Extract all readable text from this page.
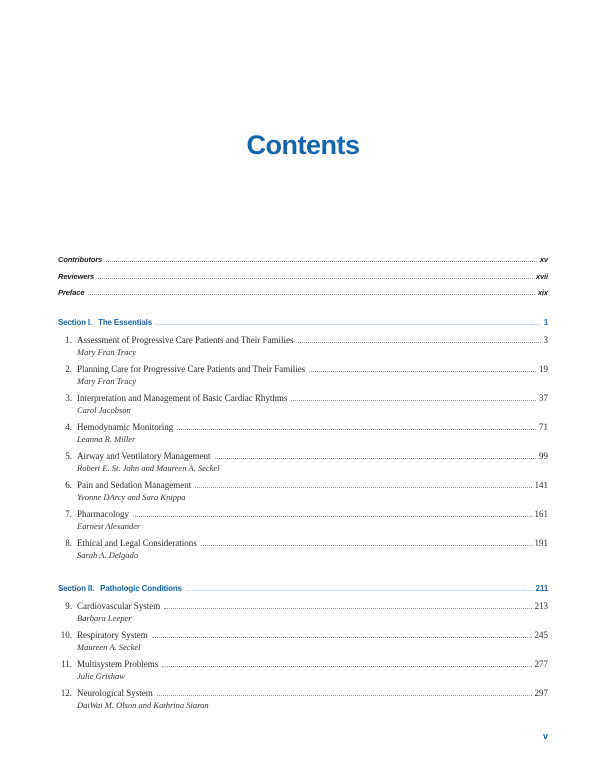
Contents
Contributors	xv
Reviewers	xvii
Preface	xix
Section I. The Essentials	1
1. Assessment of Progressive Care Patients and Their Families	3
Mary Fran Tracy
2. Planning Care for Progressive Care Patients and Their Families	19
Mary Fran Tracy
3. Interpretation and Management of Basic Cardiac Rhythms	37
Carol Jacobson
4. Hemodynamic Monitoring	71
Leanna R. Miller
5. Airway and Ventilatory Management	99
Robert E. St. John and Maureen A. Seckel
6. Pain and Sedation Management	141
Yvonne DArcy and Sara Knippa
7. Pharmacology	161
Earnest Alexander
8. Ethical and Legal Considerations	191
Sarah A. Delgado
Section II. Pathologic Conditions	211
9. Cardiovascular System	213
Barbara Leeper
10. Respiratory System	245
Maureen A. Seckel
11. Multisystem Problems	277
Julie Grishaw
12. Neurological System	297
DaiWai M. Olson and Kathrina Siaron
v
